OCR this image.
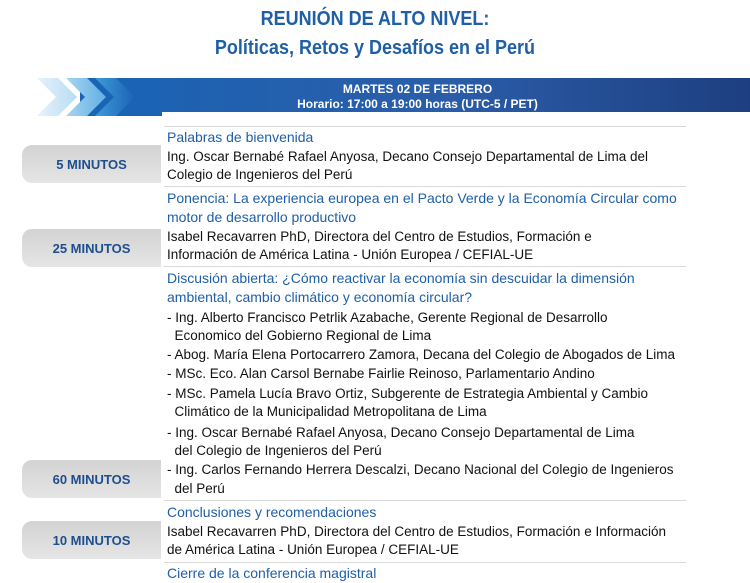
REUNIÓN DE ALTO NIVEL:
Políticas, Retos y Desafíos en el Perú
MARTES 02 DE FEBRERO
Horario: 17:00 a 19:00 horas (UTC-5 / PET)
5 MINUTOS
Palabras de bienvenida
Ing. Oscar Bernabé Rafael Anyosa, Decano Consejo Departamental de Lima del
Colegio de Ingenieros del Perú
25 MINUTOS
Ponencia: La experiencia europea en el Pacto Verde y la Economía Circular como
motor de desarrollo productivo
Isabel Recavarren PhD, Directora del Centro de Estudios, Formación e
Información de América Latina - Unión Europea / CEFIAL-UE
60 MINUTOS
Discusión abierta: ¿Cómo reactivar la economía sin descuidar la dimensión
ambiental, cambio climático y economía circular?
- Ing. Alberto Francisco Petrlik Azabache, Gerente Regional de Desarrollo
Economico del Gobierno Regional de Lima
- Abog. María Elena Portocarrero Zamora, Decana del Colegio de Abogados de Lima
- MSc. Eco. Alan Carsol Bernabe Fairlie Reinoso, Parlamentario Andino
- MSc. Pamela Lucía Bravo Ortiz, Subgerente de Estrategia Ambiental y Cambio
Climático de la Municipalidad Metropolitana de Lima
- Ing. Oscar Bernabé Rafael Anyosa, Decano Consejo Departamental de Lima
del Colegio de Ingenieros del Perú
- Ing. Carlos Fernando Herrera Descalzi, Decano Nacional del Colegio de Ingenieros
del Perú
10 MINUTOS
Conclusiones y recomendaciones
Isabel Recavarren PhD, Directora del Centro de Estudios, Formación e Información
de América Latina - Unión Europea / CEFIAL-UE
Cierre de la conferencia magistral
